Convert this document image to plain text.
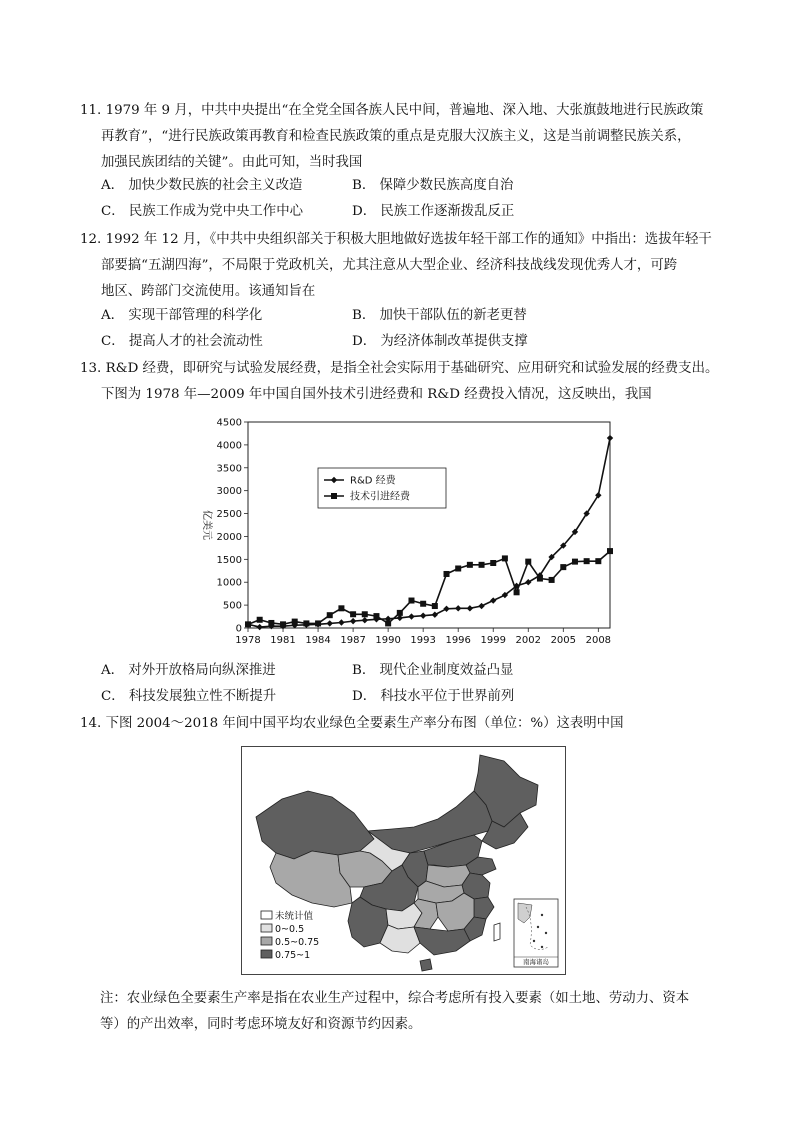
11. 1979 年 9 月，中共中央提出“在全党全国各族人民中间，普遍地、深入地、大张旗鼓地进行民族政策
再教育”，“进行民族政策再教育和检查民族政策的重点是克服大汉族主义，这是当前调整民族关系，
加强民族团结的关键”。由此可知，当时我国
A． 加快少数民族的社会主义改造	B． 保障少数民族高度自治
C． 民族工作成为党中央工作中心	D． 民族工作逐渐拨乱反正
12. 1992 年 12 月，《中共中央组织部关于积极大胆地做好选拔年轻干部工作的通知》中指出：选拔年轻干
部要搞“五湖四海”，不局限于党政机关，尤其注意从大型企业、经济科技战线发现优秀人才，可跨
地区、跨部门交流使用。该通知旨在
A． 实现干部管理的科学化	B． 加快干部队伍的新老更替
C． 提高人才的社会流动性	D． 为经济体制改革提供支撑
13. R&D 经费，即研究与试验发展经费，是指全社会实际用于基础研究、应用研究和试验发展的经费支出。
下图为 1978 年—2009 年中国自国外技术引进经费和 R&D 经费投入情况，这反映出，我国
0
500
1000
1500
2000
2500
3000
3500
4000
4500
1978 1981 1984 1987 1990 1993 1996 1999 2002 2005 2008
亿美元
R&D 经费
技术引进经费
A． 对外开放格局向纵深推进	B． 现代企业制度效益凸显
C． 科技发展独立性不断提升	D． 科技水平位于世界前列
14. 下图 2004～2018 年间中国平均农业绿色全要素生产率分布图（单位：%）这表明中国
南海诸岛
未统计值
0~0.5
0.5~0.75
0.75~1
注：农业绿色全要素生产率是指在农业生产过程中，综合考虑所有投入要素（如土地、劳动力、资本
等）的产出效率，同时考虑环境友好和资源节约因素。
